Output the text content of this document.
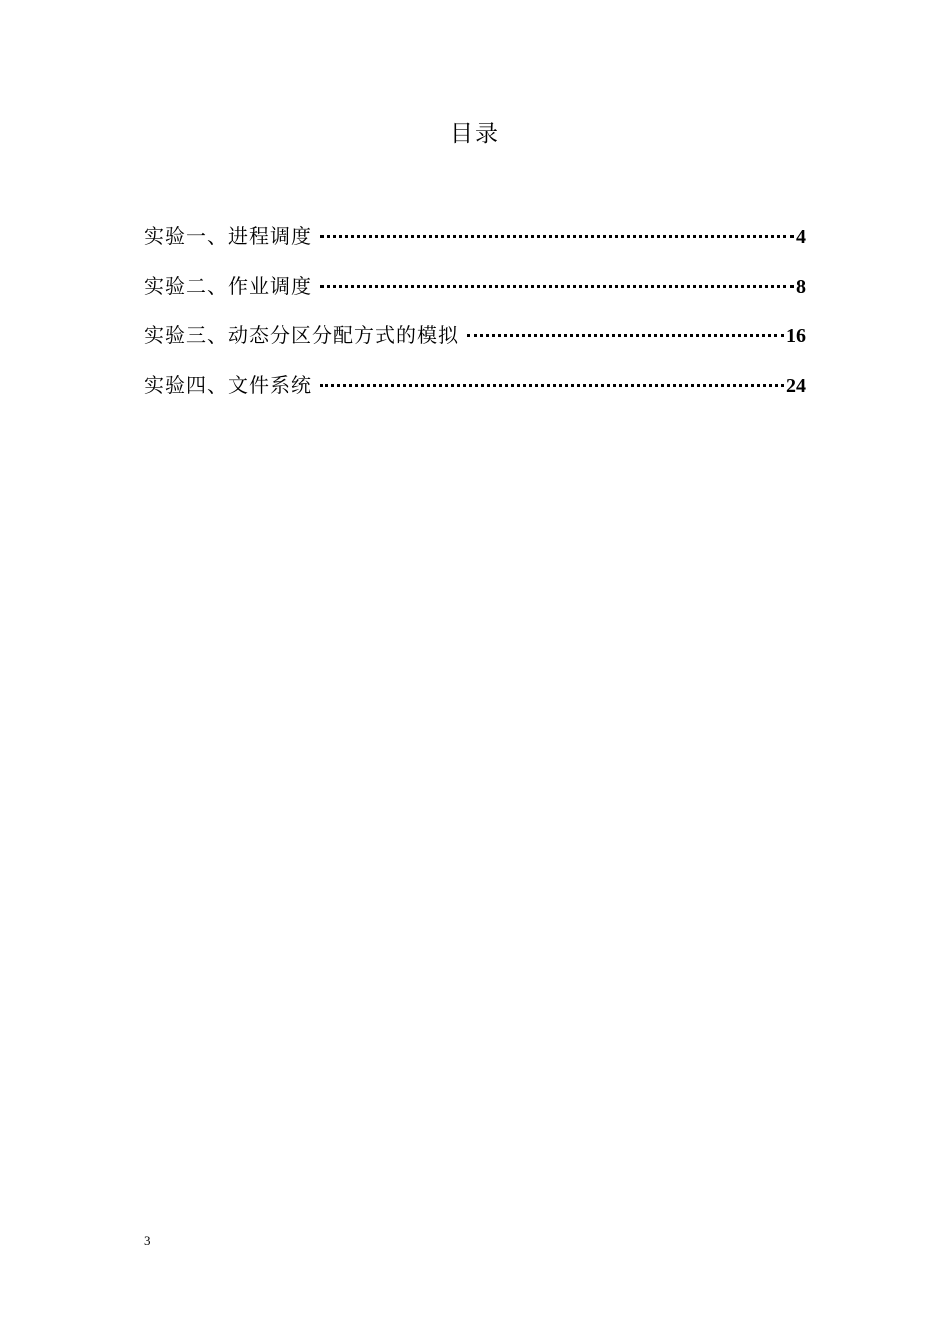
目录
实验一、进程调度	4
实验二、作业调度	8
实验三、动态分区分配方式的模拟	16
实验四、文件系统	24
3
